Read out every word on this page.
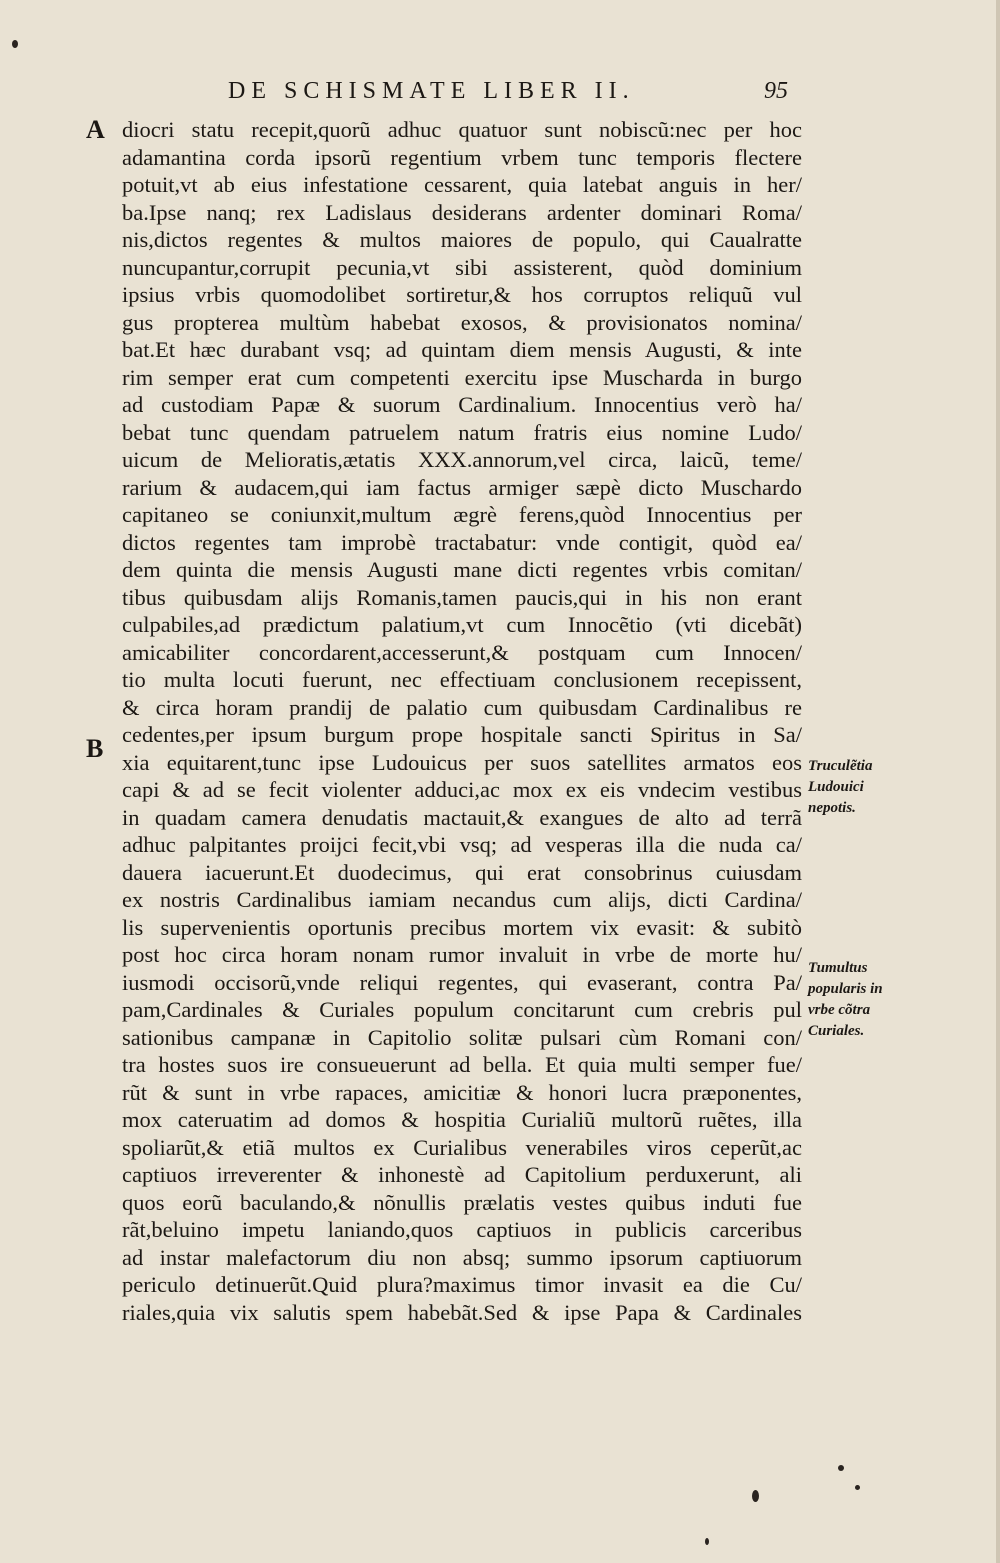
DE SCHISMATE LIBER II.	95
A
B
diocri statu recepit,quorũ adhuc quatuor sunt nobiscũ:nec per hoc
adamantina corda ipsorũ regentium vrbem tunc temporis flectere
potuit,vt ab eius infestatione cessarent, quia latebat anguis in her/
ba.Ipse nanq; rex Ladislaus desiderans ardenter dominari Roma/
nis,dictos regentes & multos maiores de populo, qui Caualratte
nuncupantur,corrupit pecunia,vt sibi assisterent, quòd dominium
ipsius vrbis quomodolibet sortiretur,& hos corruptos reliquũ vul
gus propterea multùm habebat exosos, & provisionatos nomina/
bat.Et hæc durabant vsq; ad quintam diem mensis Augusti, & inte
rim semper erat cum competenti exercitu ipse Muscharda in burgo
ad custodiam Papæ & suorum Cardinalium. Innocentius verò ha/
bebat tunc quendam patruelem natum fratris eius nomine Ludo/
uicum de Melioratis,ætatis XXX.annorum,vel circa, laicũ, teme/
rarium & audacem,qui iam factus armiger sæpè dicto Muschardo
capitaneo se coniunxit,multum ægrè ferens,quòd Innocentius per
dictos regentes tam improbè tractabatur: vnde contigit, quòd ea/
dem quinta die mensis Augusti mane dicti regentes vrbis comitan/
tibus quibusdam alijs Romanis,tamen paucis,qui in his non erant
culpabiles,ad prædictum palatium,vt cum Innocẽtio (vti dicebãt)
amicabiliter concordarent,accesserunt,& postquam cum Innocen/
tio multa locuti fuerunt, nec effectiuam conclusionem recepissent,
& circa horam prandij de palatio cum quibusdam Cardinalibus re
cedentes,per ipsum burgum prope hospitale sancti Spiritus in Sa/
xia equitarent,tunc ipse Ludouicus per suos satellites armatos eos
capi & ad se fecit violenter adduci,ac mox ex eis vndecim vestibus
in quadam camera denudatis mactauit,& exangues de alto ad terrã
adhuc palpitantes proijci fecit,vbi vsq; ad vesperas illa die nuda ca/
dauera iacuerunt.Et duodecimus, qui erat consobrinus cuiusdam
ex nostris Cardinalibus iamiam necandus cum alijs, dicti Cardina/
lis supervenientis oportunis precibus mortem vix evasit: & subitò
post hoc circa horam nonam rumor invaluit in vrbe de morte hu/
iusmodi occisorũ,vnde reliqui regentes, qui evaserant, contra Pa/
pam,Cardinales & Curiales populum concitarunt cum crebris pul
sationibus campanæ in Capitolio solitæ pulsari cùm Romani con/
tra hostes suos ire consueuerunt ad bella. Et quia multi semper fue/
rũt & sunt in vrbe rapaces, amicitiæ & honori lucra præponentes,
mox cateruatim ad domos & hospitia Curialiũ multorũ ruẽtes, illa
spoliarũt,& etiã multos ex Curialibus venerabiles viros ceperũt,ac
captiuos irreverenter & inhonestè ad Capitolium perduxerunt, ali
quos eorũ baculando,& nõnullis prælatis vestes quibus induti fue
rãt,beluino impetu laniando,quos captiuos in publicis carceribus
ad instar malefactorum diu non absq; summo ipsorum captiuorum
periculo detinuerũt.Quid plura?maximus timor invasit ea die Cu/
riales,quia vix salutis spem habebãt.Sed & ipse Papa & Cardinales
Truculẽtia
Ludouici
nepotis.
Tumultus
popularis in
vrbe cõtra
Curiales.
